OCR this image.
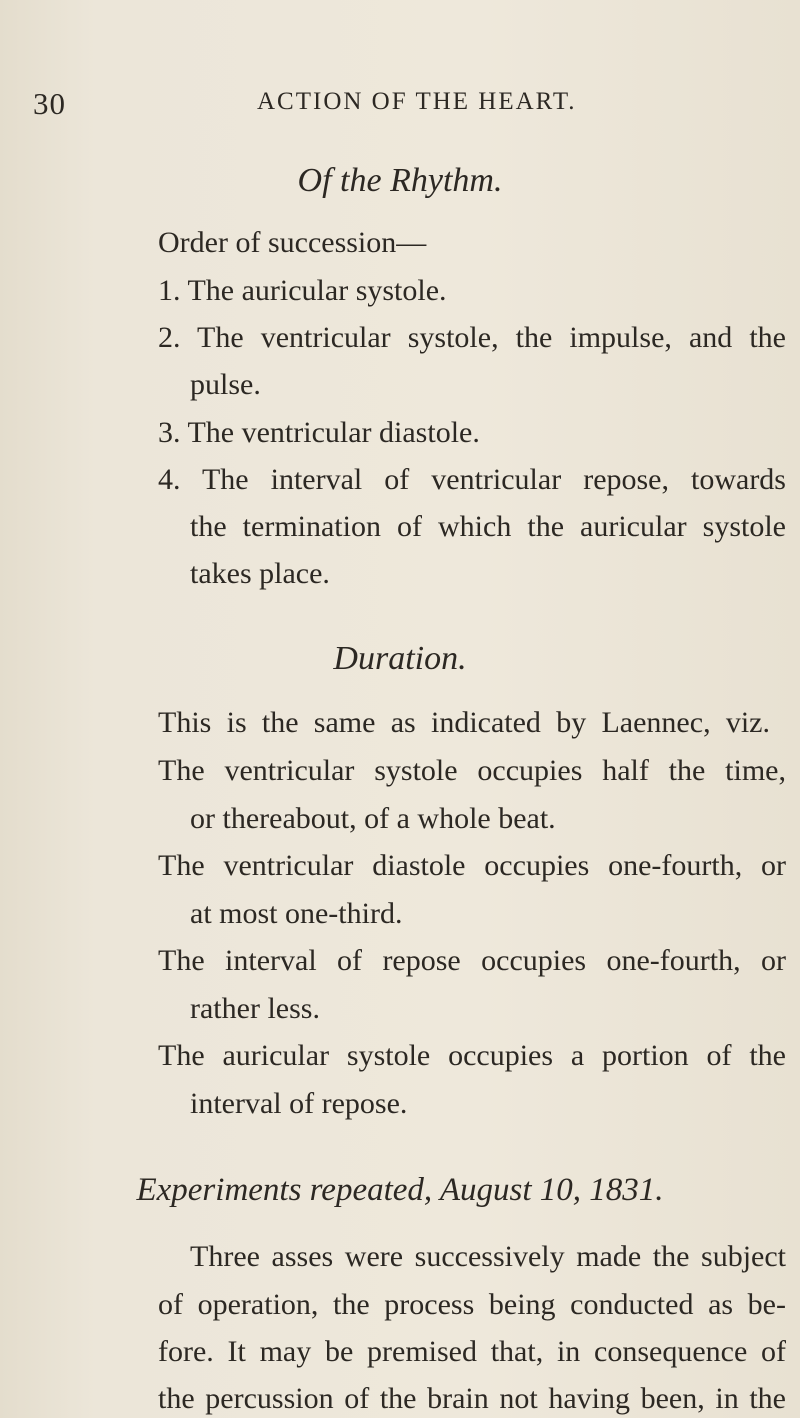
30	ACTION OF THE HEART.
Of the Rhythm.
Order of succession—
1. The auricular systole.
2. The ventricular systole, the impulse, and the
pulse.
3. The ventricular diastole.
4. The interval of ventricular repose, towards
the termination of which the auricular systole
takes place.
Duration.
This is the same as indicated by Laennec, viz.
The ventricular systole occupies half the time,
or thereabout, of a whole beat.
The ventricular diastole occupies one-fourth, or
at most one-third.
The interval of repose occupies one-fourth, or
rather less.
The auricular systole occupies a portion of the
interval of repose.
Experiments repeated, August 10, 1831.
Three asses were successively made the subject
of operation, the process being conducted as be-
fore. It may be premised that, in consequence of
the percussion of the brain not having been, in the
